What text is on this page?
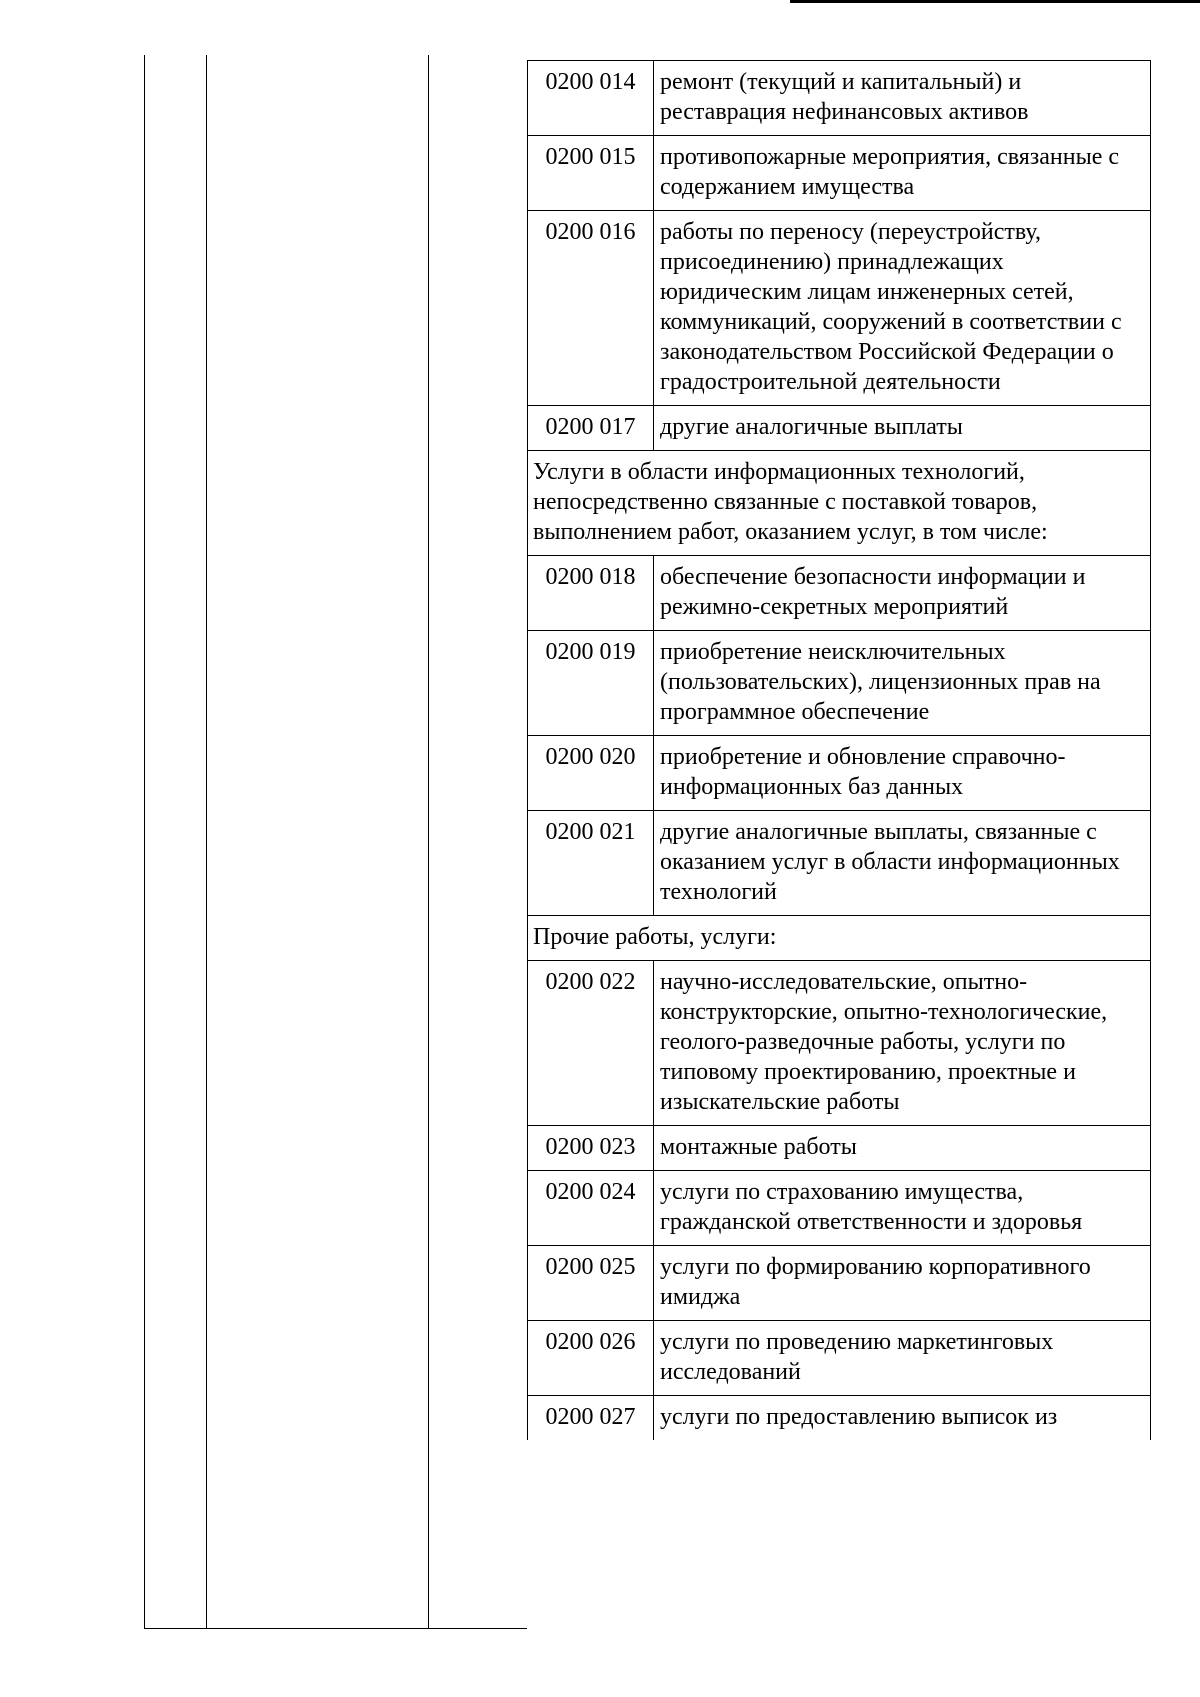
0200 014	ремонт (текущий и капитальный) и реставрация нефинансовых активов
0200 015	противопожарные мероприятия, связанные с содержанием имущества
0200 016	работы по переносу (переустройству, присоединению) принадлежащих юридическим лицам инженерных сетей, коммуникаций, сооружений в соответствии с законодательством Российской Федерации о градостроительной деятельности
0200 017	другие аналогичные выплаты
Услуги в области информационных технологий, непосредственно связанные с поставкой товаров, выполнением работ, оказанием услуг, в том числе:
0200 018	обеспечение безопасности информации и режимно-секретных мероприятий
0200 019	приобретение неисключительных (пользовательских), лицензионных прав на программное обеспечение
0200 020	приобретение и обновление справочно-информационных баз данных
0200 021	другие аналогичные выплаты, связанные с оказанием услуг в области информационных технологий
Прочие работы, услуги:
0200 022	научно-исследовательские, опытно-конструкторские, опытно-технологические, геолого-разведочные работы, услуги по типовому проектированию, проектные и изыскательские работы
0200 023	монтажные работы
0200 024	услуги по страхованию имущества, гражданской ответственности и здоровья
0200 025	услуги по формированию корпоративного имиджа
0200 026	услуги по проведению маркетинговых исследований
0200 027	услуги по предоставлению выписок из
